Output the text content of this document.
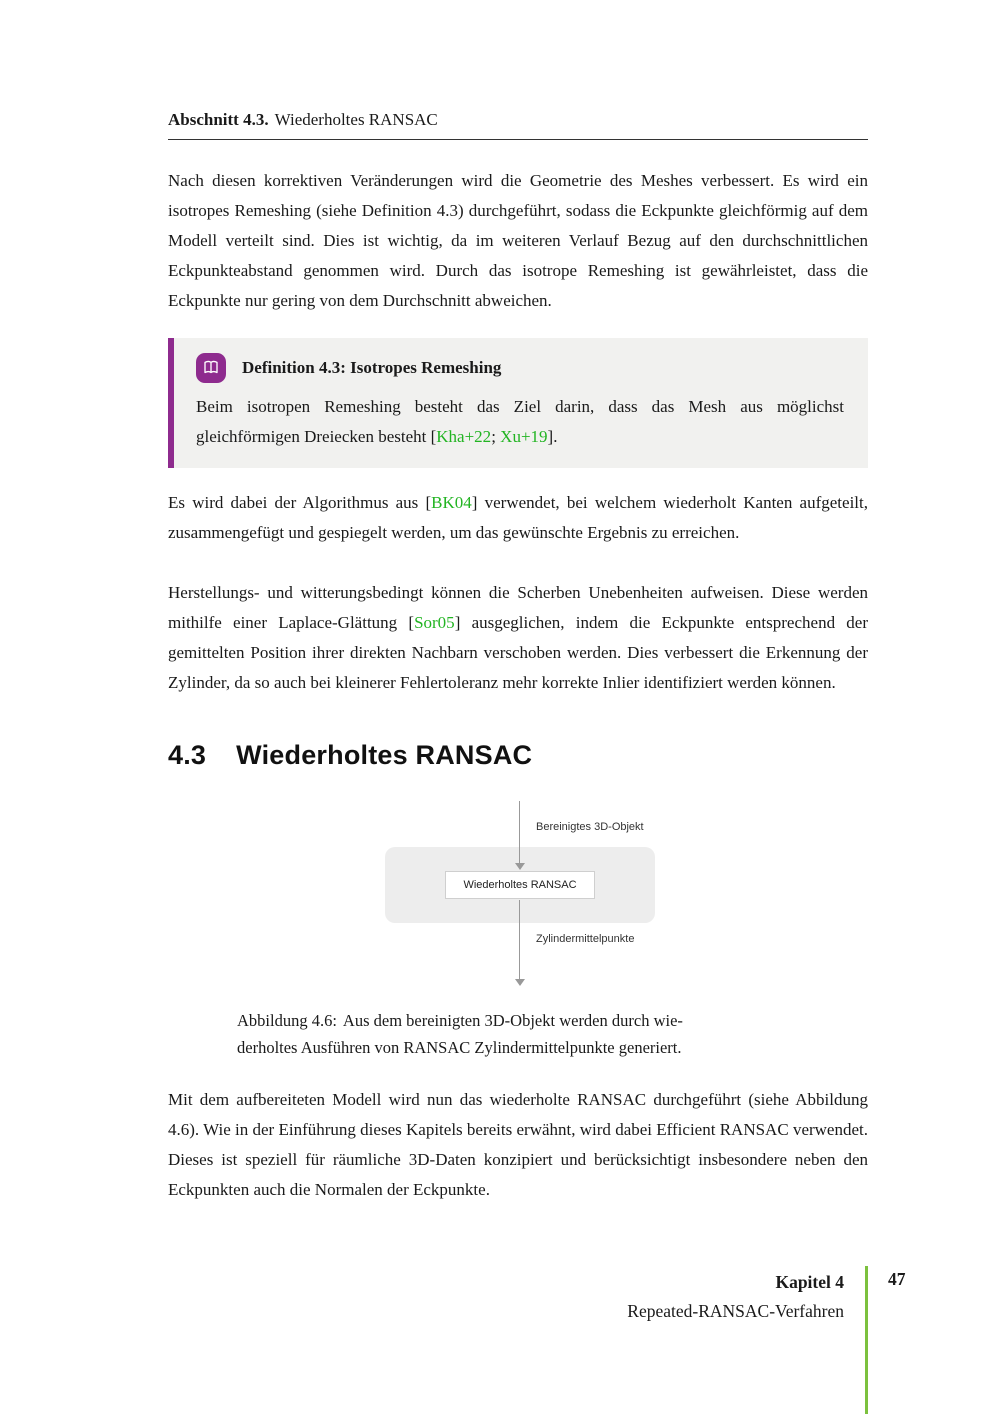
Abschnitt 4.3. Wiederholtes RANSAC

Nach diesen korrektiven Veränderungen wird die Geometrie des Meshes verbessert. Es wird ein isotropes Remeshing (siehe Definition 4.3) durchgeführt, sodass die Eckpunkte gleichförmig auf dem Modell verteilt sind. Dies ist wichtig, da im weiteren Verlauf Bezug auf den durchschnittlichen Eckpunkteabstand genommen wird. Durch das isotrope Remeshing ist gewährleistet, dass die Eckpunkte nur gering von dem Durchschnitt abweichen.

Definition 4.3: Isotropes Remeshing
Beim isotropen Remeshing besteht das Ziel darin, dass das Mesh aus möglichst gleichförmigen Dreiecken besteht [Kha+22; Xu+19].

Es wird dabei der Algorithmus aus [BK04] verwendet, bei welchem wiederholt Kanten aufgeteilt, zusammengefügt und gespiegelt werden, um das gewünschte Ergebnis zu erreichen.

Herstellungs- und witterungsbedingt können die Scherben Unebenheiten aufweisen. Diese werden mithilfe einer Laplace-Glättung [Sor05] ausgeglichen, indem die Eckpunkte entsprechend der gemittelten Position ihrer direkten Nachbarn verschoben werden. Dies verbessert die Erkennung der Zylinder, da so auch bei kleinerer Fehlertoleranz mehr korrekte Inlier identifiziert werden können.

4.3 Wiederholtes RANSAC
Bereinigtes 3D-Objekt
Wiederholtes RANSAC
Zylindermittelpunkte
Abbildung 4.6: Aus dem bereinigten 3D-Objekt werden durch wie-
derholtes Ausführen von RANSAC Zylindermittelpunkte generiert.

Mit dem aufbereiteten Modell wird nun das wiederholte RANSAC durchgeführt (siehe Abbildung 4.6). Wie in der Einführung dieses Kapitels bereits erwähnt, wird dabei Efficient RANSAC verwendet. Dieses ist speziell für räumliche 3D-Daten konzipiert und berücksichtigt insbesondere neben den Eckpunkten auch die Normalen der Eckpunkte.

Kapitel 4
Repeated-RANSAC-Verfahren
47
